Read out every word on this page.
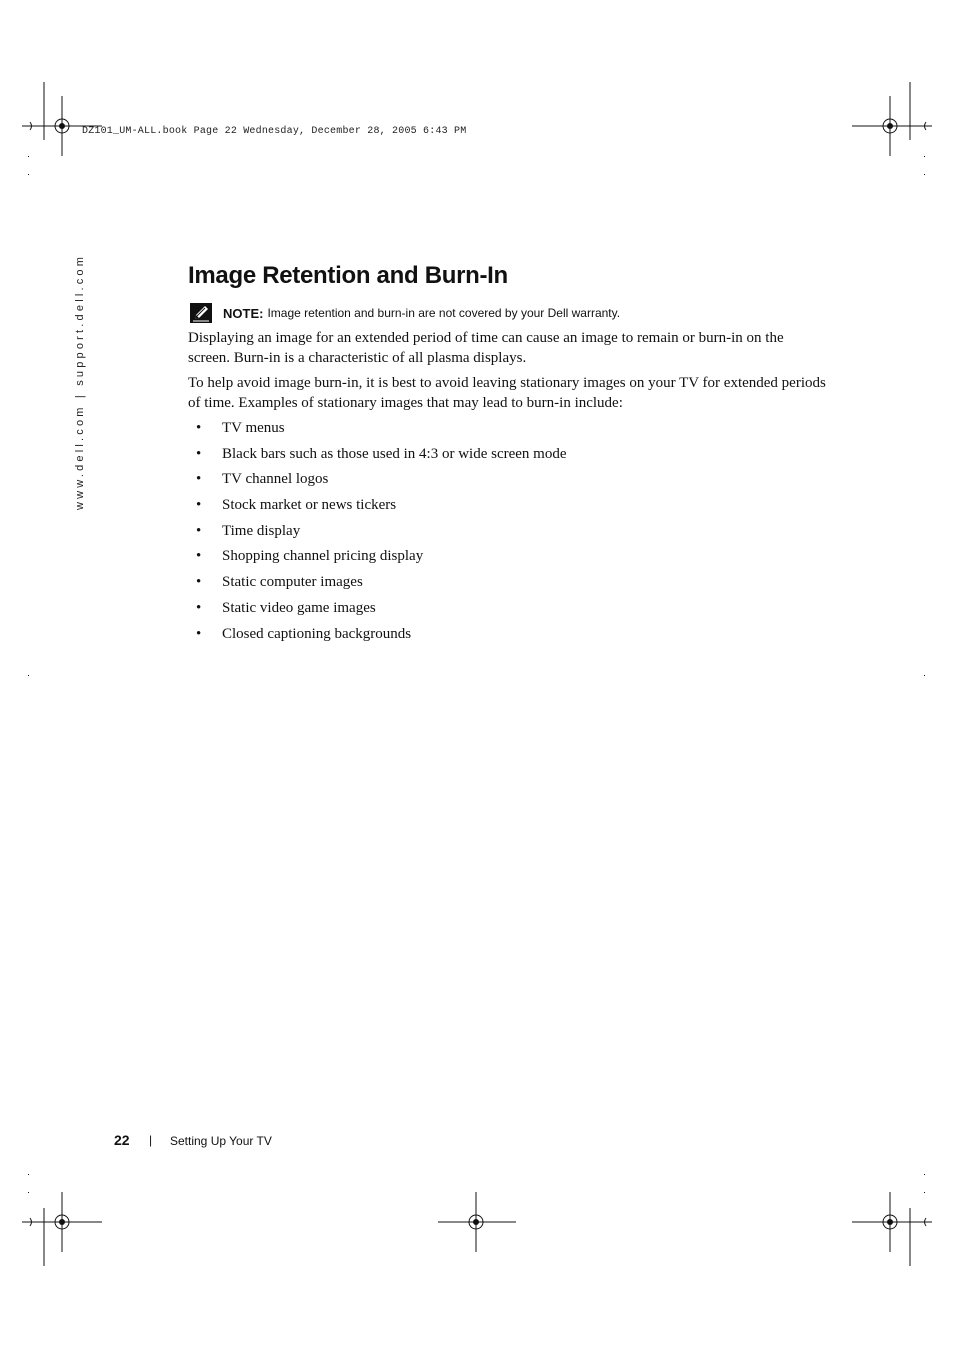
DZ101_UM-ALL.book Page 22 Wednesday, December 28, 2005 6:43 PM
www.dell.com | support.dell.com	Image Retention and Burn-In
NOTE: Image retention and burn-in are not covered by your Dell warranty.

Displaying an image for an extended period of time can cause an image to remain or burn-in on the screen. Burn-in is a characteristic of all plasma displays.

To help avoid image burn-in, it is best to avoid leaving stationary images on your TV for extended periods of time. Examples of stationary images that may lead to burn-in include:

•	TV menus
•	Black bars such as those used in 4:3 or wide screen mode
•	TV channel logos
•	Stock market or news tickers
•	Time display
•	Shopping channel pricing display
•	Static computer images
•	Static video game images
•	Closed captioning backgrounds
22 | Setting Up Your TV
